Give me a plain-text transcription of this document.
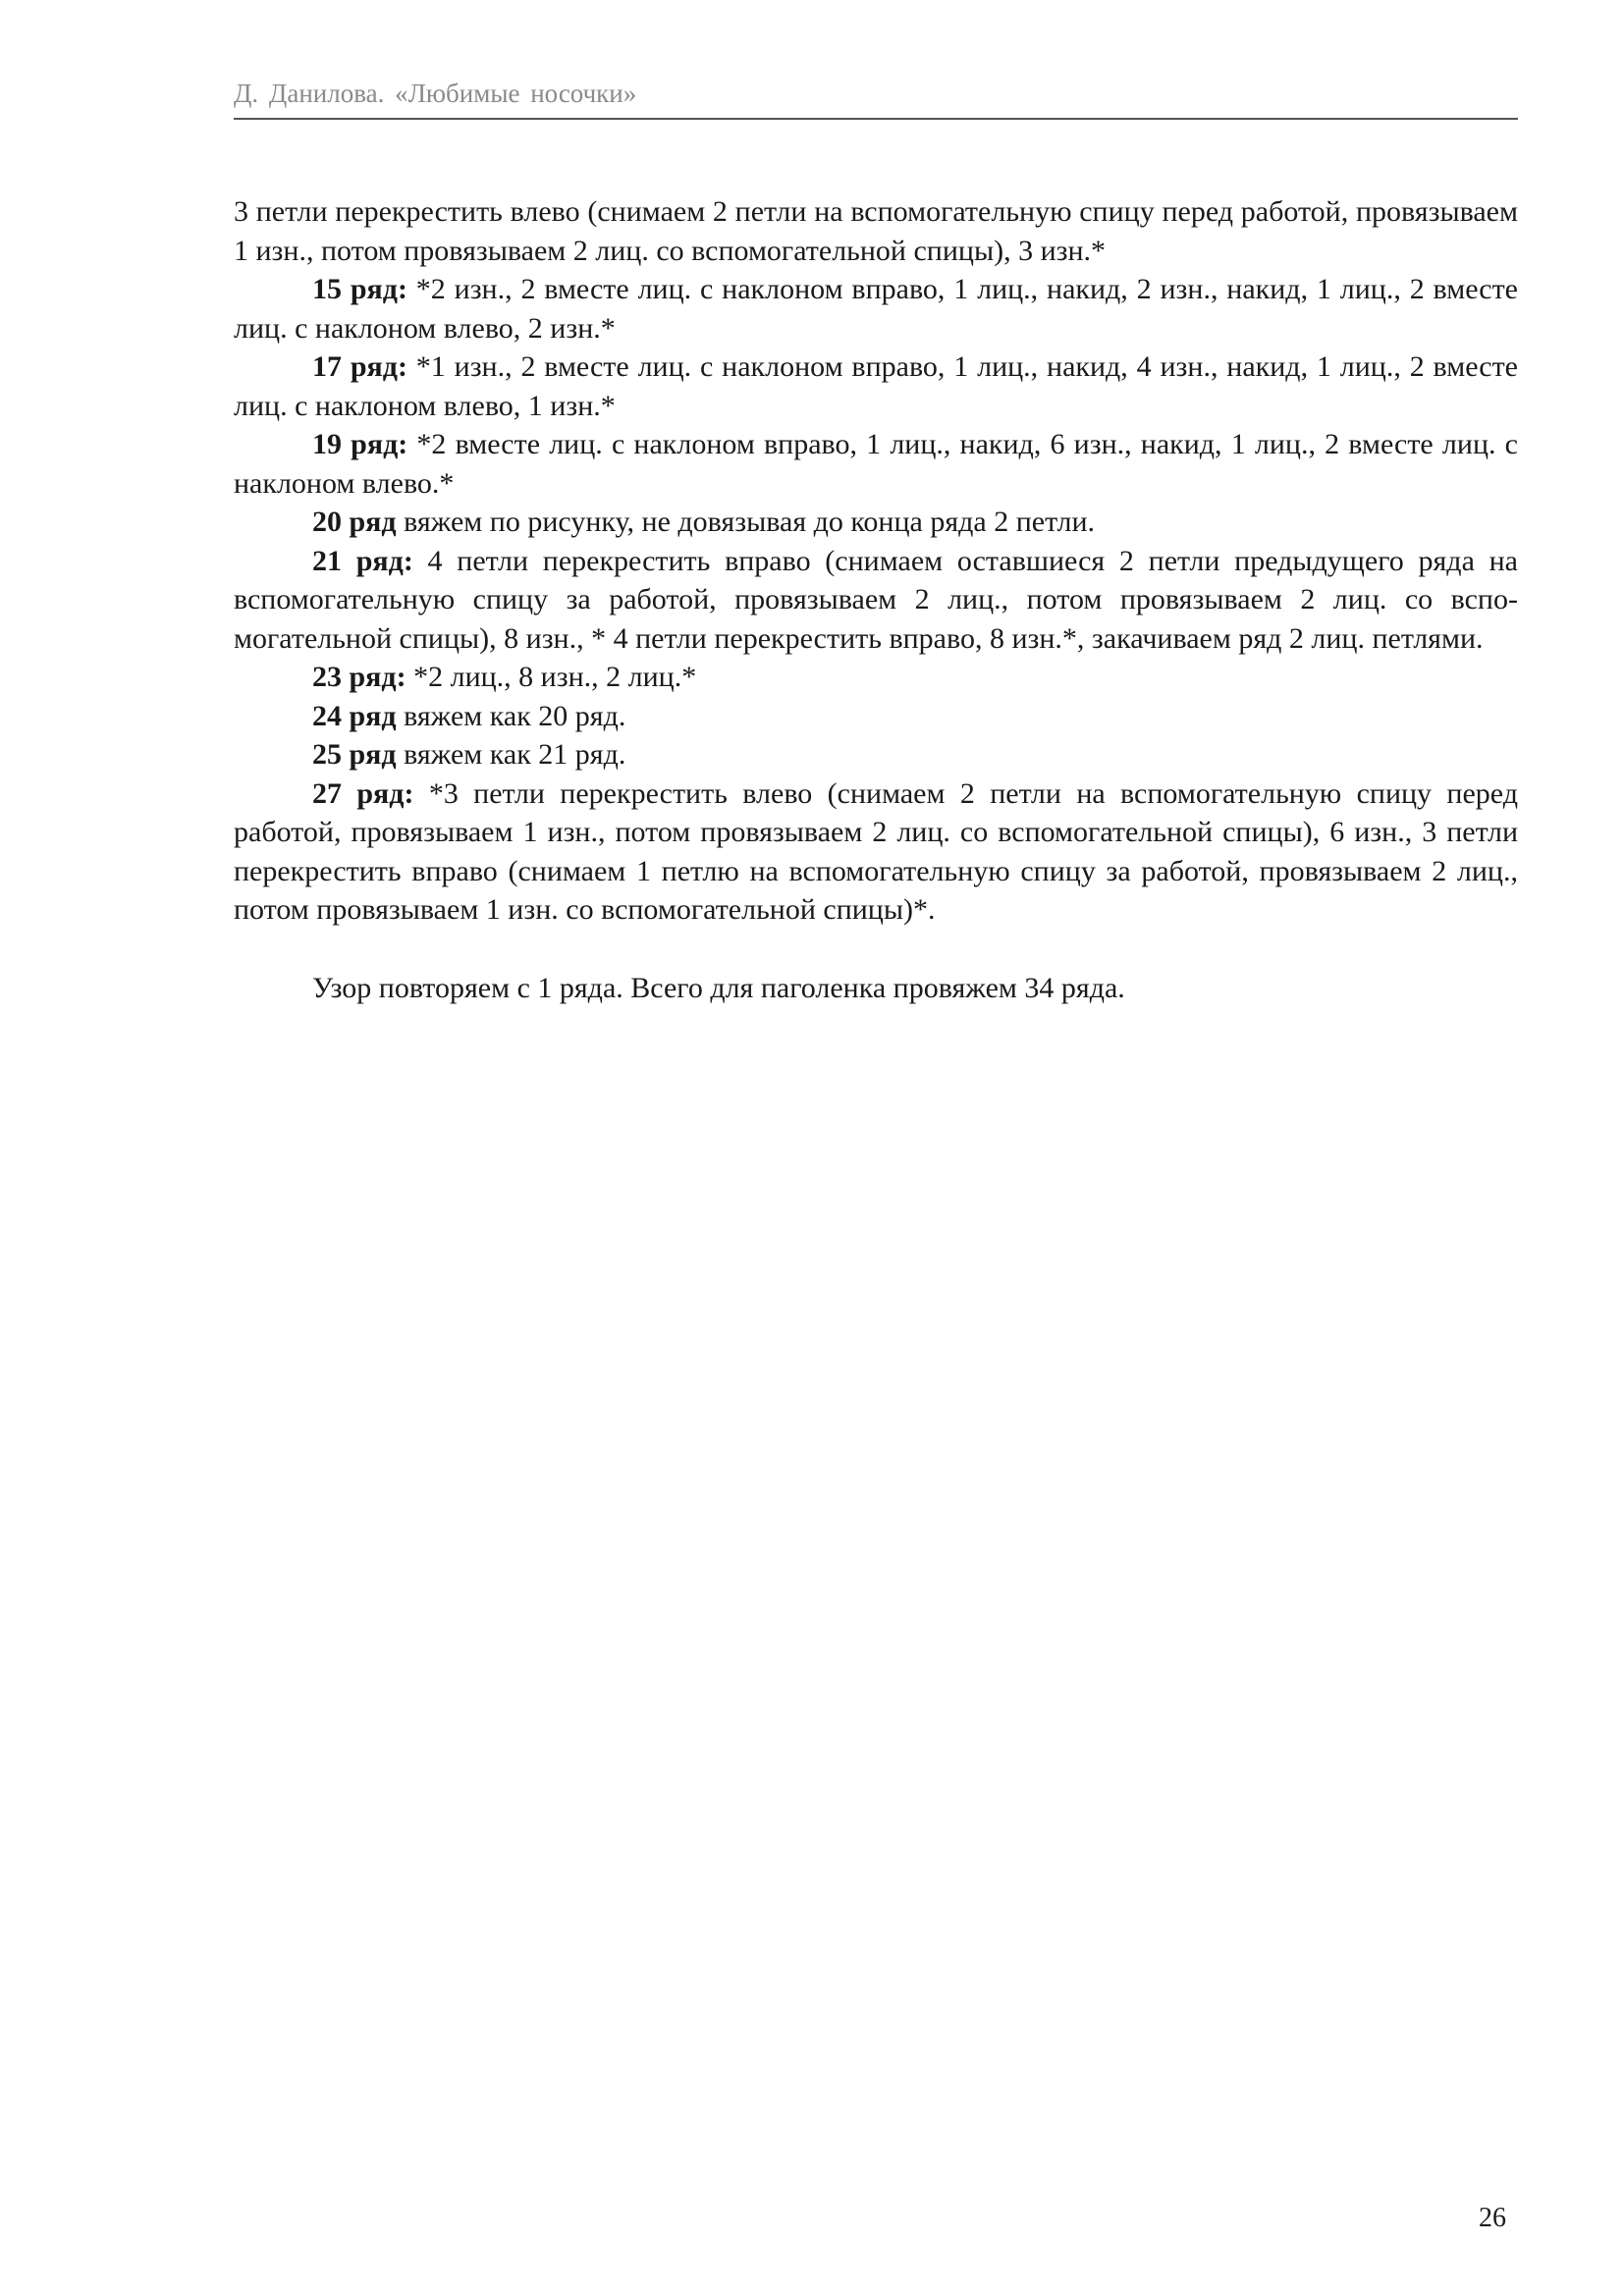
Д. Данилова. «Любимые носочки»

3 петли перекрестить влево (снимаем 2 петли на вспомогательную спицу перед работой, провязываем 1 изн., потом провязываем 2 лиц. со вспомогательной спицы), 3 изн.*

15 ряд: *2 изн., 2 вместе лиц. с наклоном вправо, 1 лиц., накид, 2 изн., накид, 1 лиц., 2 вместе лиц. с наклоном влево, 2 изн.*

17 ряд: *1 изн., 2 вместе лиц. с наклоном вправо, 1 лиц., накид, 4 изн., накид, 1 лиц., 2 вместе лиц. с наклоном влево, 1 изн.*

19 ряд: *2 вместе лиц. с наклоном вправо, 1 лиц., накид, 6 изн., накид, 1 лиц., 2 вместе лиц. с наклоном влево.*

20 ряд вяжем по рисунку, не довязывая до конца ряда 2 петли.

21 ряд: 4 петли перекрестить вправо (снимаем оставшиеся 2 петли предыдущего ряда на вспомогательную спицу за работой, провязываем 2 лиц., потом провязываем 2 лиц. со вспомогательной спицы), 8 изн., * 4 петли перекрестить вправо, 8 изн.*, закачиваем ряд 2 лиц. петлями.

23 ряд: *2 лиц., 8 изн., 2 лиц.*

24 ряд вяжем как 20 ряд.

25 ряд вяжем как 21 ряд.

27 ряд: *3 петли перекрестить влево (снимаем 2 петли на вспомогательную спицу перед работой, провязываем 1 изн., потом провязываем 2 лиц. со вспомогательной спицы), 6 изн., 3 петли перекрестить вправо (снимаем 1 петлю на вспомогательную спицу за работой, провязываем 2 лиц., потом провязываем 1 изн. со вспомогательной спицы)*.

Узор повторяем с 1 ряда. Всего для паголенка провяжем 34 ряда.

26
